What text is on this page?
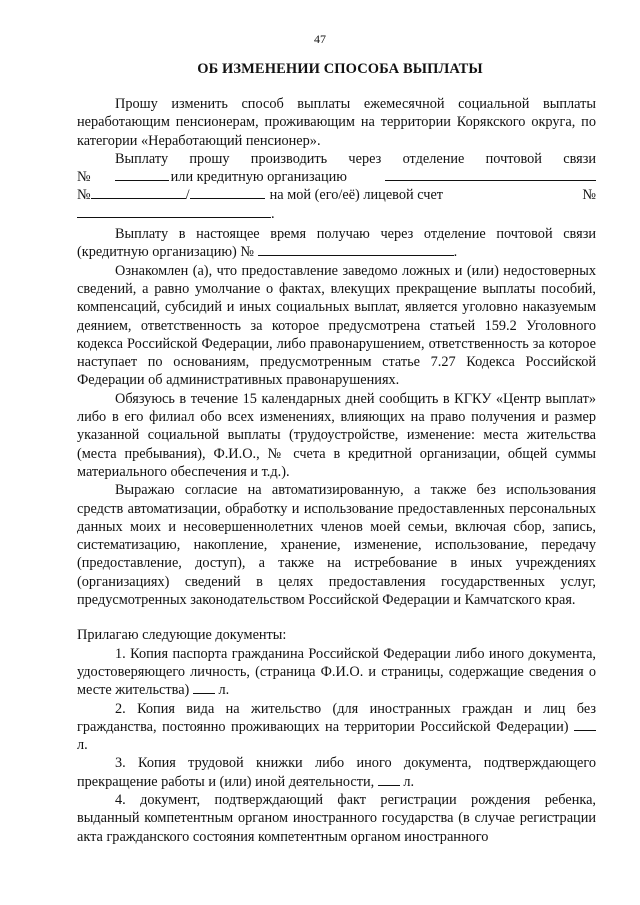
47
ОБ ИЗМЕНЕНИИ СПОСОБА ВЫПЛАТЫ

Прошу изменить способ выплаты ежемесячной социальной выплаты неработающим пенсионерам, проживающим на территории Корякского округа, по категории «Неработающий пенсионер».

Выплату прошу производить через отделение почтовой связи

№	или кредитную организацию
№	/	на мой (его/её) лицевой счет	№
.

Выплату в настоящее время получаю через отделение почтовой связи (кредитную организацию) №	.

Ознакомлен (а), что предоставление заведомо ложных и (или) недостоверных сведений, а равно умолчание о фактах, влекущих прекращение выплаты пособий, компенсаций, субсидий и иных социальных выплат, является уголовно наказуемым деянием, ответственность за которое предусмотрена статьей 159.2 Уголовного кодекса Российской Федерации, либо правонарушением, ответственность за которое наступает по основаниям, предусмотренным статье 7.27 Кодекса Российской Федерации об административных правонарушениях.

Обязуюсь в течение 15 календарных дней сообщить в КГКУ «Центр выплат» либо в его филиал обо всех изменениях, влияющих на право получения и размер указанной социальной выплаты (трудоустройстве, изменение: места жительства (места пребывания), Ф.И.О., № счета в кредитной организации, общей суммы материального обеспечения и т.д.).

Выражаю согласие на автоматизированную, а также без использования средств автоматизации, обработку и использование предоставленных персональных данных моих и несовершеннолетних членов моей семьи, включая сбор, запись, систематизацию, накопление, хранение, изменение, использование, передачу (предоставление, доступ), а также на истребование в иных учреждениях (организациях) сведений в целях предоставления государственных услуг, предусмотренных законодательством Российской Федерации и Камчатского края.

Прилагаю следующие документы:

1. Копия паспорта гражданина Российской Федерации либо иного документа, удостоверяющего личность, (страница Ф.И.О. и страницы, содержащие сведения о месте жительства) л.

2. Копия вида на жительство (для иностранных граждан и лиц без гражданства, постоянно проживающих на территории Российской Федерации)  л.

3. Копия трудовой книжки либо иного документа, подтверждающего прекращение работы и (или) иной деятельности, л.

4. документ, подтверждающий факт регистрации рождения ребенка, выданный компетентным органом иностранного государства (в случае регистрации акта гражданского состояния компетентным органом иностранного
